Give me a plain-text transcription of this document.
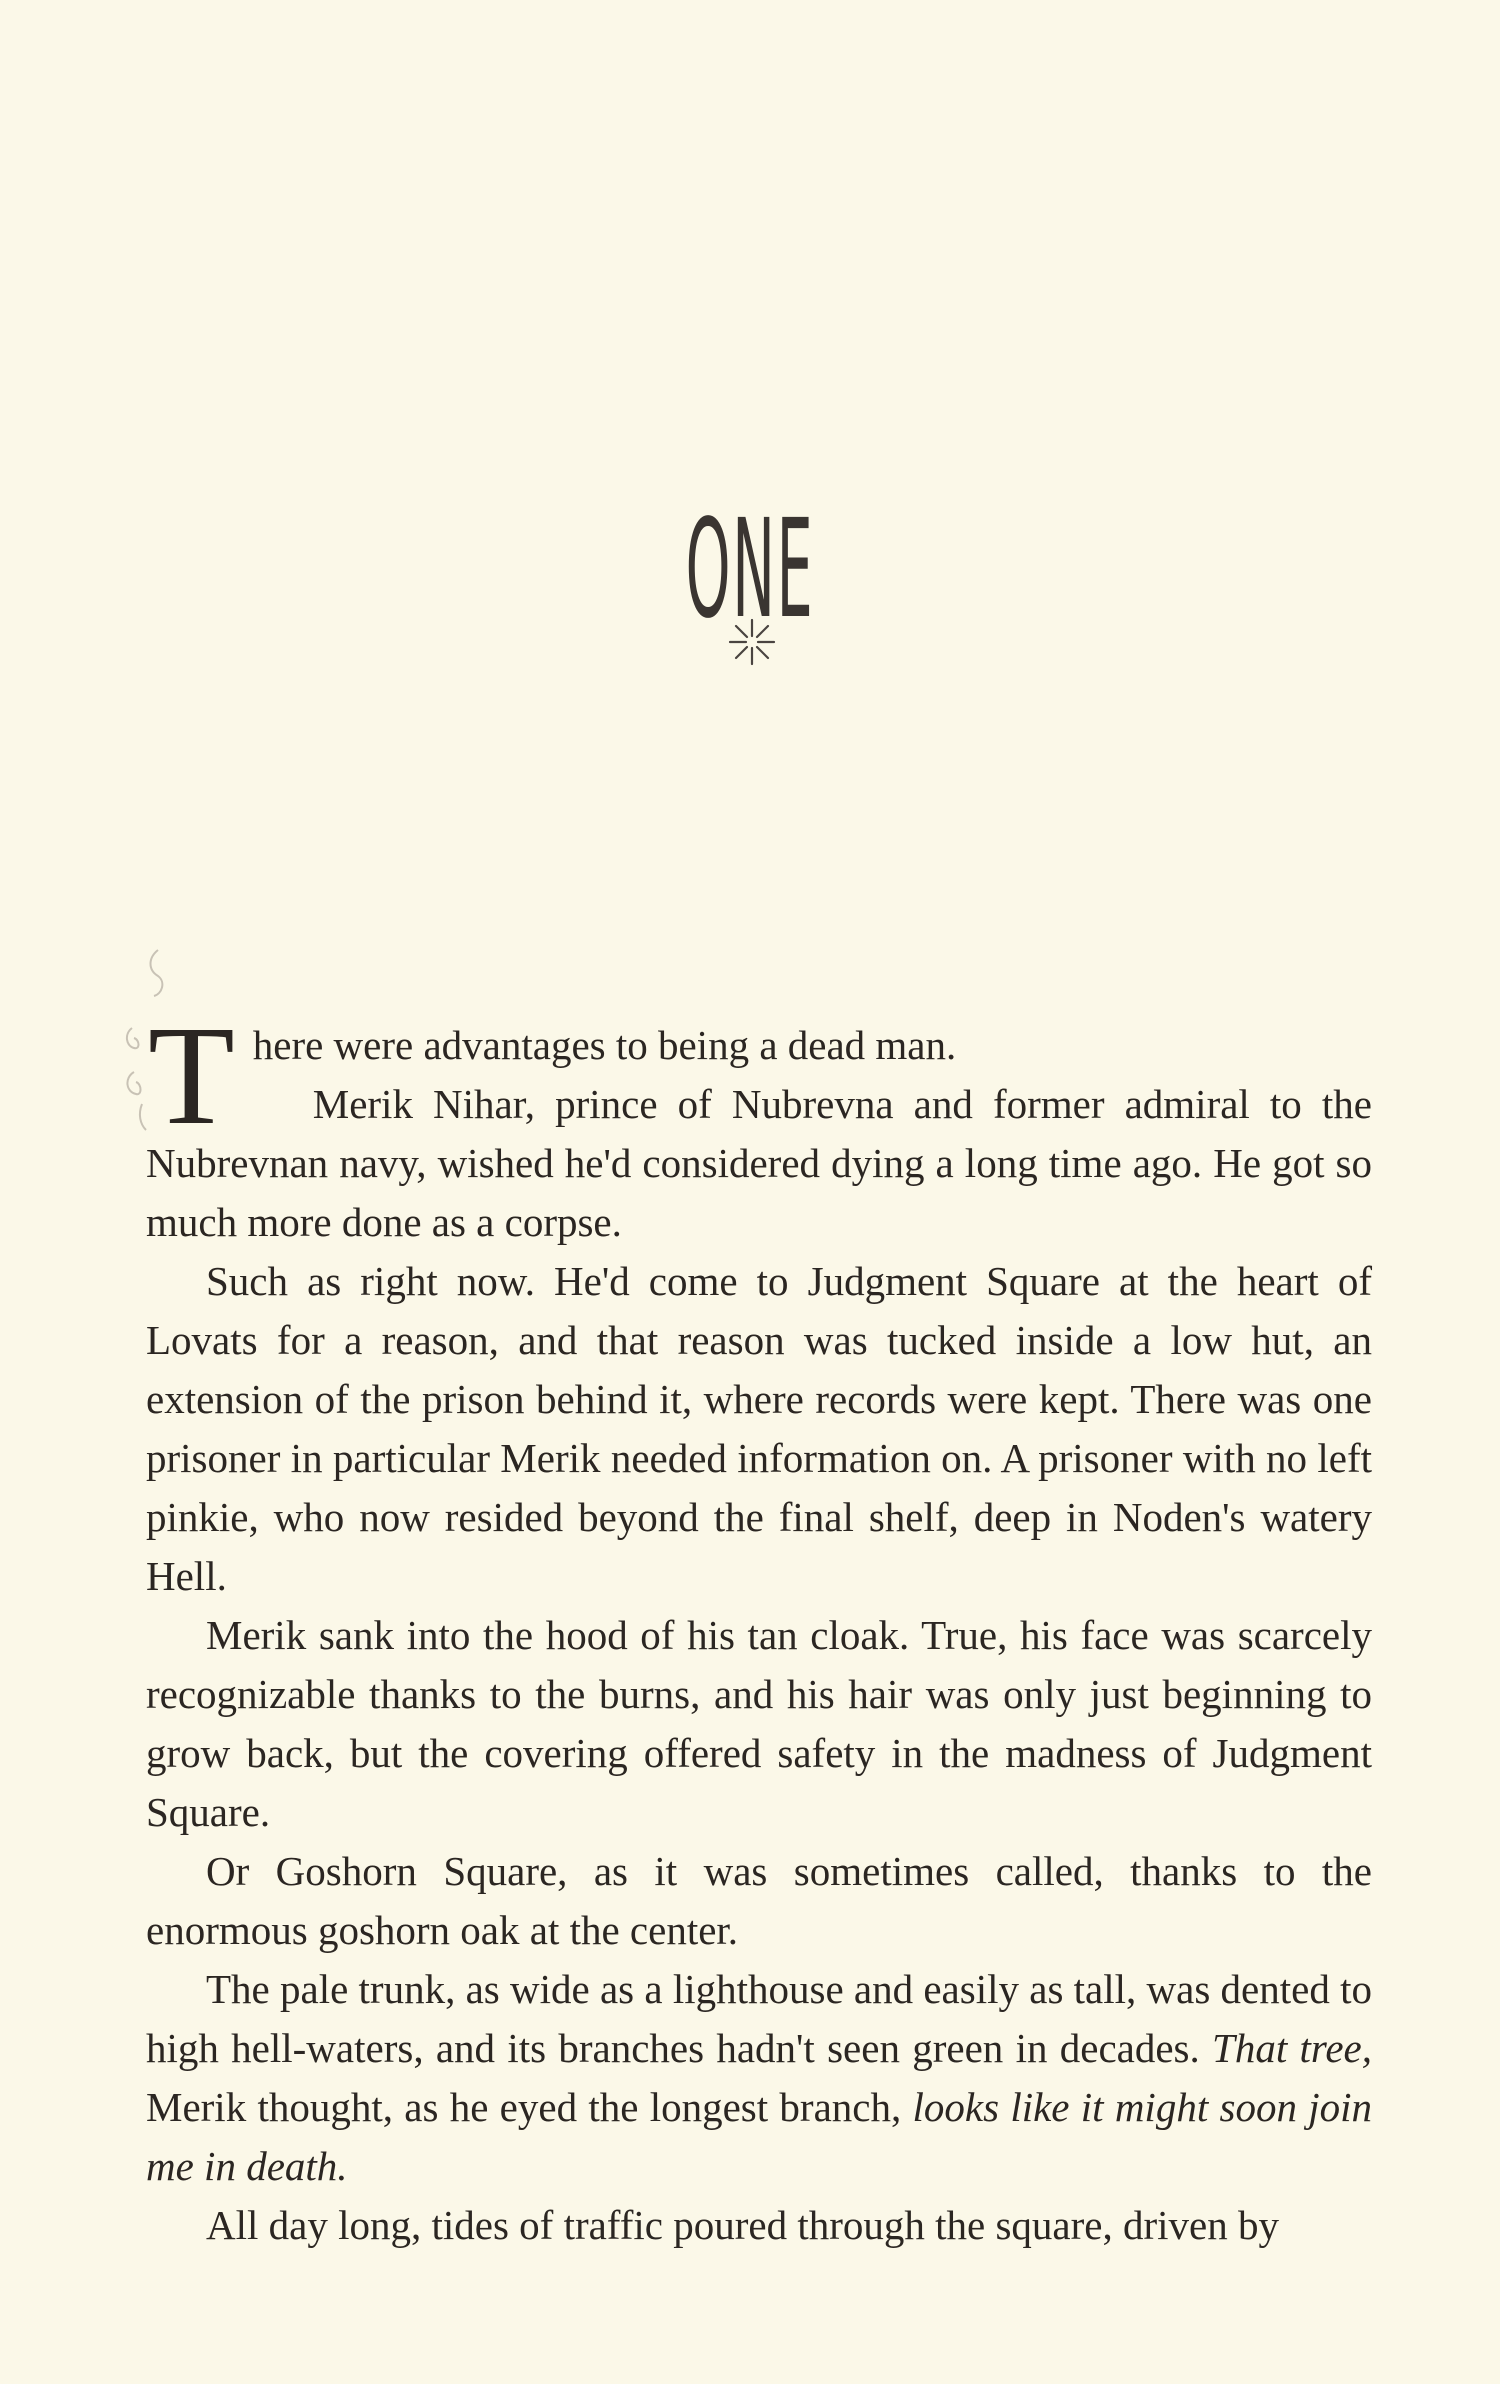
ONE

There were advantages to being a dead man.

Merik Nihar, prince of Nubrevna and former admiral to the Nubrevnan navy, wished he'd considered dying a long time ago. He got so much more done as a corpse.

Such as right now. He'd come to Judgment Square at the heart of Lovats for a reason, and that reason was tucked inside a low hut, an extension of the prison behind it, where records were kept. There was one prisoner in particular Merik needed information on. A prisoner with no left pinkie, who now resided beyond the final shelf, deep in Noden's watery Hell.

Merik sank into the hood of his tan cloak. True, his face was scarcely recognizable thanks to the burns, and his hair was only just beginning to grow back, but the covering offered safety in the madness of Judgment Square.

Or Goshorn Square, as it was sometimes called, thanks to the enormous goshorn oak at the center.

The pale trunk, as wide as a lighthouse and easily as tall, was dented to high hell-waters, and its branches hadn't seen green in decades. That tree, Merik thought, as he eyed the longest branch, looks like it might soon join me in death.

All day long, tides of traffic poured through the square, driven by
